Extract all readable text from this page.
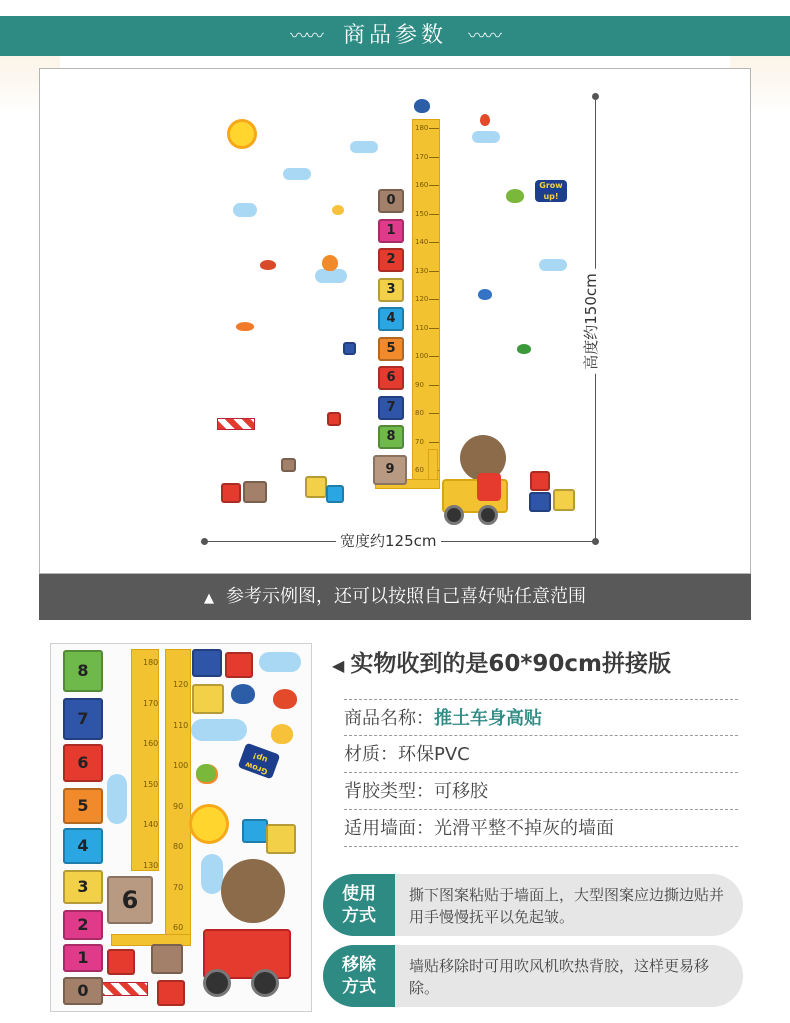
〰〰 商品参数 〰〰
高度约150cm
宽度约125cm
180
170
160
150
140
130
120
110
100
90
80
70
60
Grow up!
0
1
2
3
4
5
6
7
8
9
▲ 参考示例图，还可以按照自己喜好贴任意范围
6
Grow up!
180
170
160
150
140
130
120
110
100
90
80
70
60
8
7
6
5
4
3
2
1
0
◀ 实物收到的是60*90cm拼接版
商品名称：推土车身高贴
材质：环保PVC
背胶类型：可移胶
适用墙面：光滑平整不掉灰的墙面
使用
方式
撕下图案粘贴于墙面上，大型图案应边撕边贴并用手慢慢抚平以免起皱。
移除
方式
墙贴移除时可用吹风机吹热背胶，这样更易移除。
